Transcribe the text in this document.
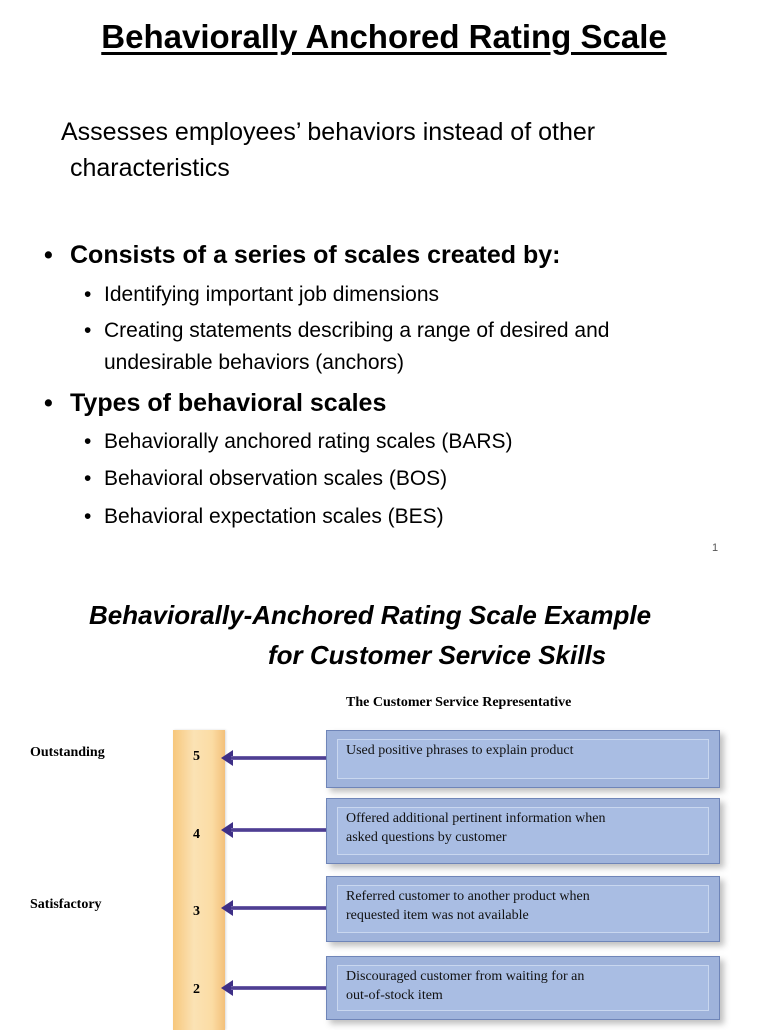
Behaviorally Anchored Rating Scale
Assesses employees’ behaviors instead of other
characteristics
• Consists of a series of scales created by:
• Identifying important job dimensions
• Creating statements describing a range of desired and
undesirable behaviors (anchors)
• Types of behavioral scales
• Behaviorally anchored rating scales (BARS)
• Behavioral observation scales (BOS)
• Behavioral expectation scales (BES)
1
Behaviorally-Anchored Rating Scale Example
for Customer Service Skills
The Customer Service Representative
Outstanding
Satisfactory
5	Used positive phrases to explain product
4
Offered additional pertinent information when
asked questions by customer
3
Referred customer to another product when
requested item was not available
2
Discouraged customer from waiting for an
out-of-stock item
